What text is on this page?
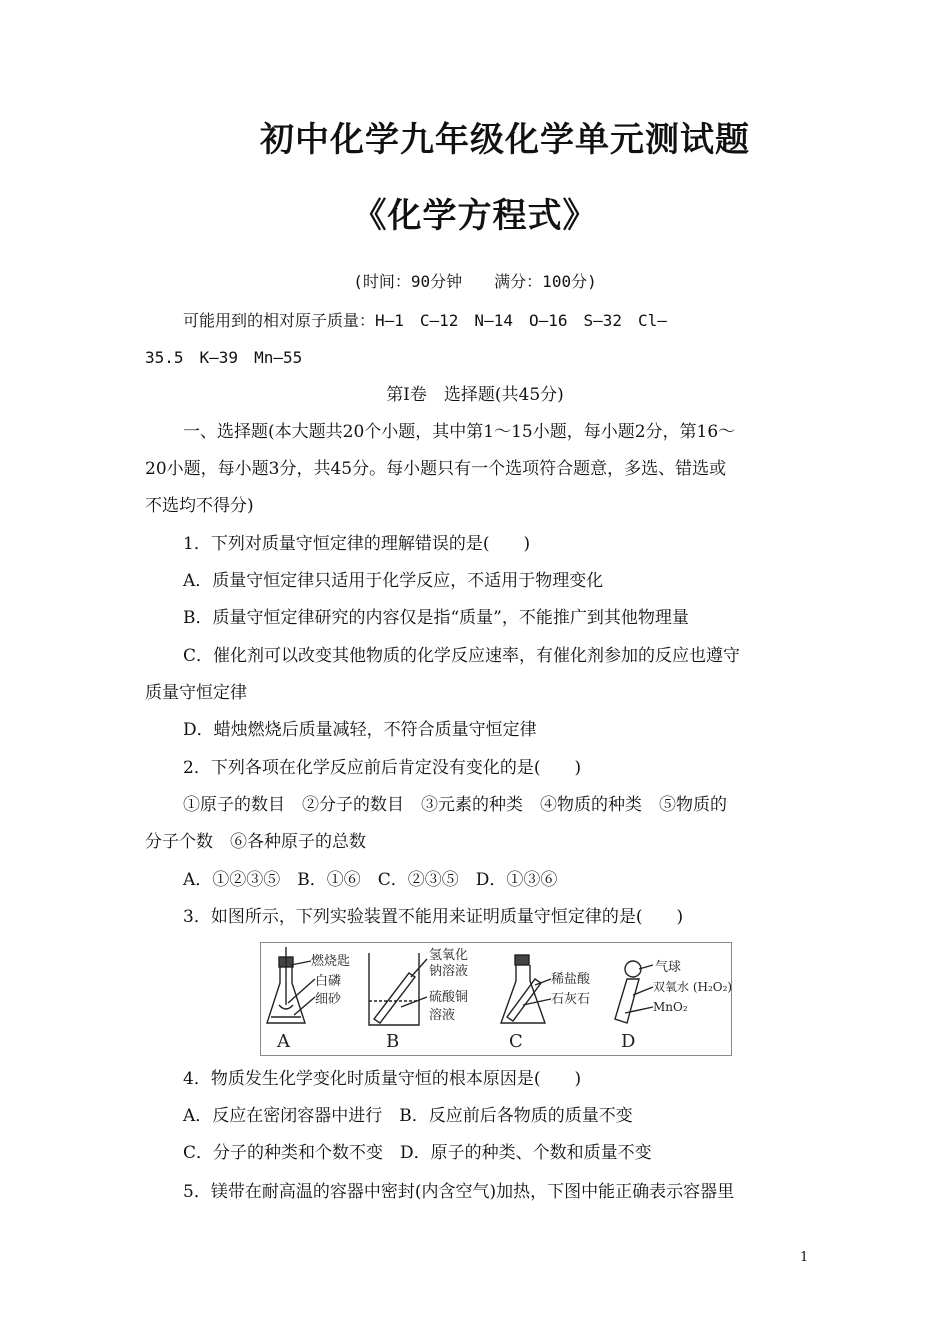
初中化学九年级化学单元测试题
《化学方程式》
(时间：90分钟　　满分：100分)
可能用到的相对原子质量：H—1　C—12　N—14　O—16　S—32　Cl—
35.5　K—39　Mn—55
第Ⅰ卷　选择题(共45分)
一、选择题(本大题共20个小题，其中第1～15小题，每小题2分，第16～
20小题，每小题3分，共45分。每小题只有一个选项符合题意，多选、错选或
不选均不得分)
1．下列对质量守恒定律的理解错误的是(　　)
A．质量守恒定律只适用于化学反应，不适用于物理变化
B．质量守恒定律研究的内容仅是指“质量”，不能推广到其他物理量
C．催化剂可以改变其他物质的化学反应速率，有催化剂参加的反应也遵守
质量守恒定律
D．蜡烛燃烧后质量减轻，不符合质量守恒定律
2．下列各项在化学反应前后肯定没有变化的是(　　)
①原子的数目　②分子的数目　③元素的种类　④物质的种类　⑤物质的
分子个数　⑥各种原子的总数
A．①②③⑤　B．①⑥　C．②③⑤　D．①③⑥
3．如图所示，下列实验装置不能用来证明质量守恒定律的是(　　)
燃烧匙
白磷
细砂
氢氧化
钠溶液
硫酸铜
溶液
稀盐酸
石灰石
气球
双氧水 (H₂O₂)
MnO₂
A	B	C	D
4．物质发生化学变化时质量守恒的根本原因是(　　)
A．反应在密闭容器中进行　B．反应前后各物质的质量不变
C．分子的种类和个数不变　D．原子的种类、个数和质量不变
5．镁带在耐高温的容器中密封(内含空气)加热，下图中能正确表示容器里
1
